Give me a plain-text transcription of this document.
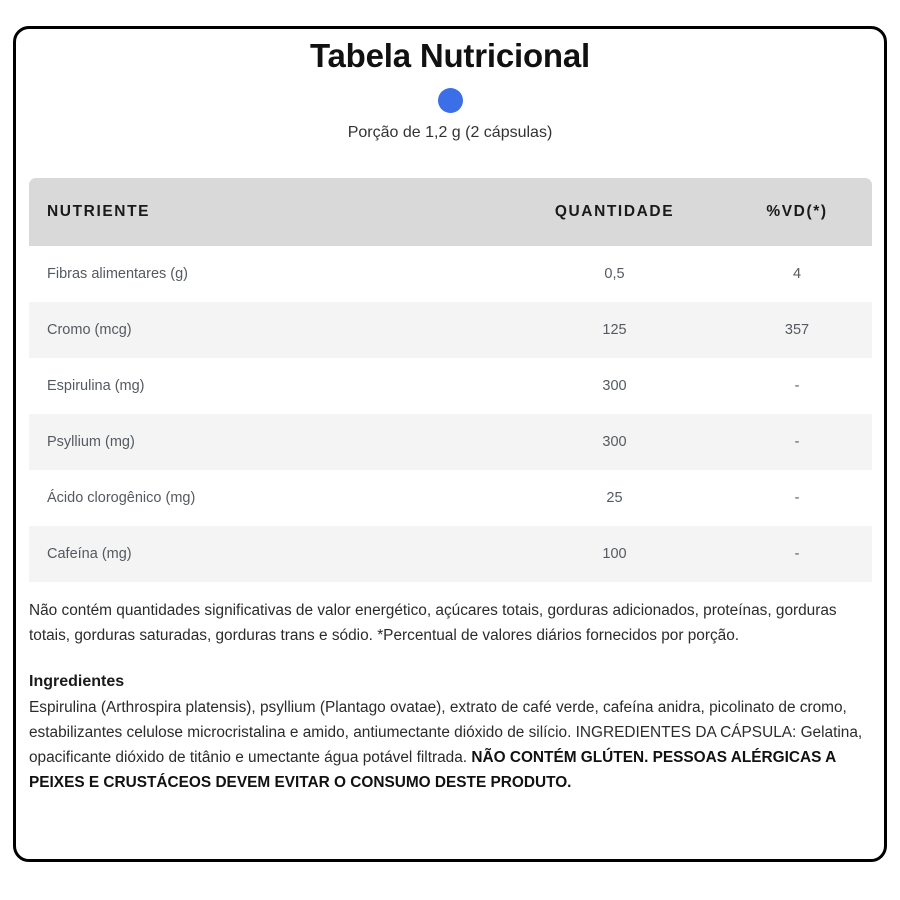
Tabela Nutricional

Porção de 1,2 g (2 cápsulas)

NUTRIENTE	QUANTIDADE	%VD(*)
Fibras alimentares (g)	0,5	4
Cromo (mcg)	125	357
Espirulina (mg)	300	-
Psyllium (mg)	300	-
Ácido clorogênico (mg)	25	-
Cafeína (mg)	100	-

Não contém quantidades significativas de valor energético, açúcares totais, gorduras adicionados, proteínas, gorduras totais, gorduras saturadas, gorduras trans e sódio. *Percentual de valores diários fornecidos por porção.

Ingredientes

Espirulina (Arthrospira platensis), psyllium (Plantago ovatae), extrato de café verde, cafeína anidra, picolinato de cromo, estabilizantes celulose microcristalina e amido, antiumectante dióxido de silício. INGREDIENTES DA CÁPSULA: Gelatina, opacificante dióxido de titânio e umectante água potável filtrada. NÃO CONTÉM GLÚTEN. PESSOAS ALÉRGICAS A PEIXES E CRUSTÁCEOS DEVEM EVITAR O CONSUMO DESTE PRODUTO.
